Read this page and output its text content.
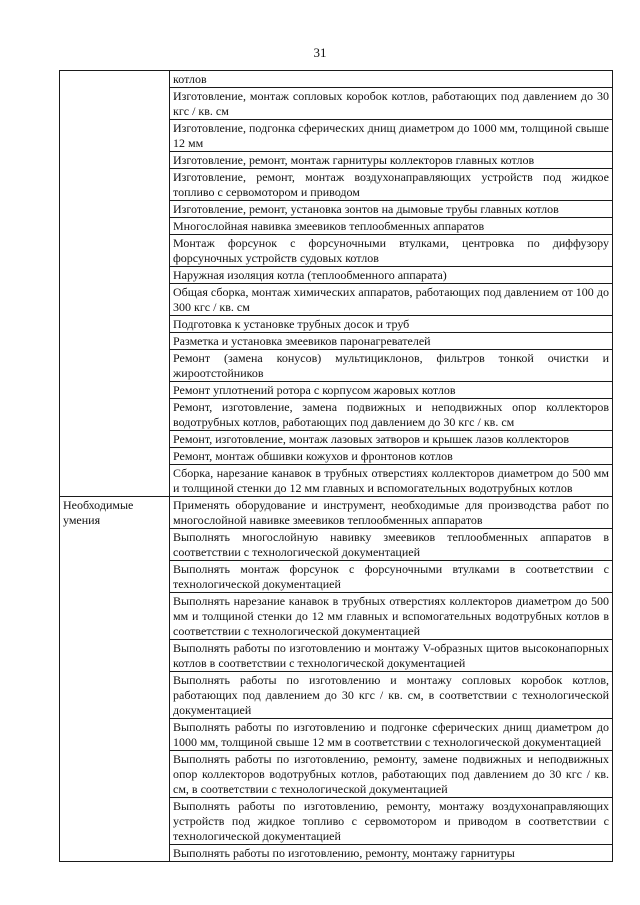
31
	котлов
	Изготовление, монтаж сопловых коробок котлов, работающих под давлением до 30 кгс / кв. см
	Изготовление, подгонка сферических днищ диаметром до 1000 мм, толщиной свыше 12 мм
	Изготовление, ремонт, монтаж гарнитуры коллекторов главных котлов
	Изготовление, ремонт, монтаж воздухонаправляющих устройств под жидкое топливо с сервомотором и приводом
	Изготовление, ремонт, установка зонтов на дымовые трубы главных котлов
	Многослойная навивка змеевиков теплообменных аппаратов
	Монтаж форсунок с форсуночными втулками, центровка по диффузору форсуночных устройств судовых котлов
	Наружная изоляция котла (теплообменного аппарата)
	Общая сборка, монтаж химических аппаратов, работающих под давлением от 100 до 300 кгс / кв. см
	Подготовка к установке трубных досок и труб
	Разметка и установка змеевиков паронагревателей
	Ремонт (замена конусов) мультициклонов, фильтров тонкой очистки и жироотстойников
	Ремонт уплотнений ротора с корпусом жаровых котлов
	Ремонт, изготовление, замена подвижных и неподвижных опор коллекторов водотрубных котлов, работающих под давлением до 30 кгс / кв. см
	Ремонт, изготовление, монтаж лазовых затворов и крышек лазов коллекторов
	Ремонт, монтаж обшивки кожухов и фронтонов котлов
	Сборка, нарезание канавок в трубных отверстиях коллекторов диаметром до 500 мм и толщиной стенки до 12 мм главных и вспомогательных водотрубных котлов
Необходимые умения	Применять оборудование и инструмент, необходимые для производства работ по многослойной навивке змеевиков теплообменных аппаратов
	Выполнять многослойную навивку змеевиков теплообменных аппаратов в соответствии с технологической документацией
	Выполнять монтаж форсунок с форсуночными втулками в соответствии с технологической документацией
	Выполнять нарезание канавок в трубных отверстиях коллекторов диаметром до 500 мм и толщиной стенки до 12 мм главных и вспомогательных водотрубных котлов в соответствии с технологической документацией
	Выполнять работы по изготовлению и монтажу V-образных щитов высоконапорных котлов в соответствии с технологической документацией
	Выполнять работы по изготовлению и монтажу сопловых коробок котлов, работающих под давлением до 30 кгс / кв. см, в соответствии с технологической документацией
	Выполнять работы по изготовлению и подгонке сферических днищ диаметром до 1000 мм, толщиной свыше 12 мм в соответствии с технологической документацией
	Выполнять работы по изготовлению, ремонту, замене подвижных и неподвижных опор коллекторов водотрубных котлов, работающих под давлением до 30 кгс / кв. см, в соответствии с технологической документацией
	Выполнять работы по изготовлению, ремонту, монтажу воздухонаправляющих устройств под жидкое топливо с сервомотором и приводом в соответствии с технологической документацией
	Выполнять работы по изготовлению, ремонту, монтажу гарнитуры
